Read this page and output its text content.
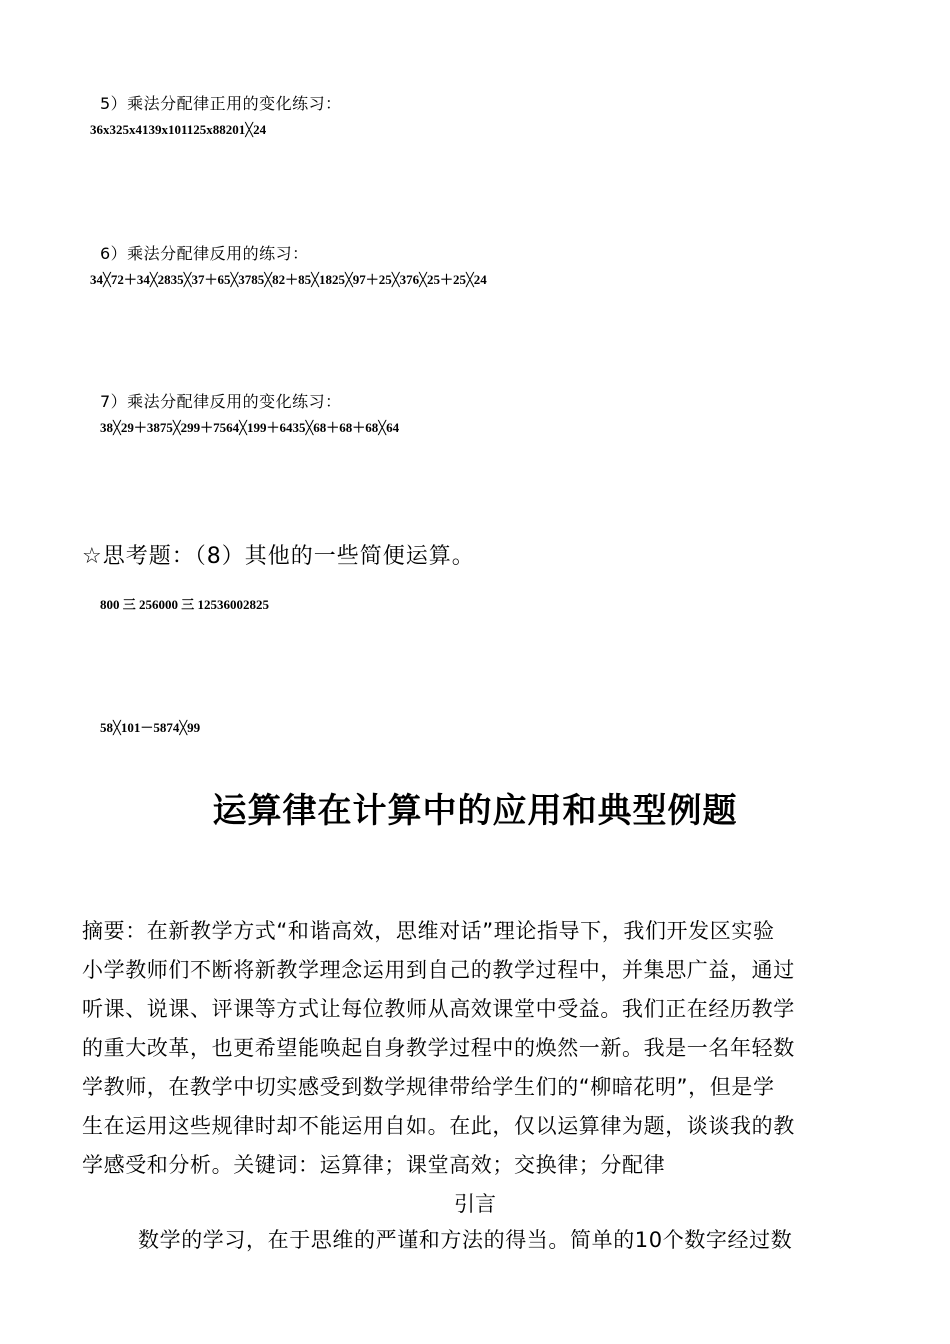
5）乘法分配律正用的变化练习：
36x325x4139x101125x88201╳24
6）乘法分配律反用的练习：
34╳72＋34╳2835╳37＋65╳3785╳82＋85╳1825╳97＋25╳376╳25＋25╳24
7）乘法分配律反用的变化练习：
38╳29＋3875╳299＋7564╳199＋6435╳68＋68＋68╳64
☆思考题：（8）其他的一些简便运算。
800 三 256000 三 12536002825
58╳101－5874╳99
运算律在计算中的应用和典型例题

摘要：在新教学方式“和谐高效，思维对话”理论指导下，我们开发区实验

小学教师们不断将新教学理念运用到自己的教学过程中，并集思广益，通过

听课、说课、评课等方式让每位教师从高效课堂中受益。我们正在经历教学

的重大改革，也更希望能唤起自身教学过程中的焕然一新。我是一名年轻数

学教师，在教学中切实感受到数学规律带给学生们的“柳暗花明”，但是学

生在运用这些规律时却不能运用自如。在此，仅以运算律为题，谈谈我的教

学感受和分析。关键词：运算律；课堂高效；交换律；分配律

引言
数学的学习，在于思维的严谨和方法的得当。简单的10个数字经过数
